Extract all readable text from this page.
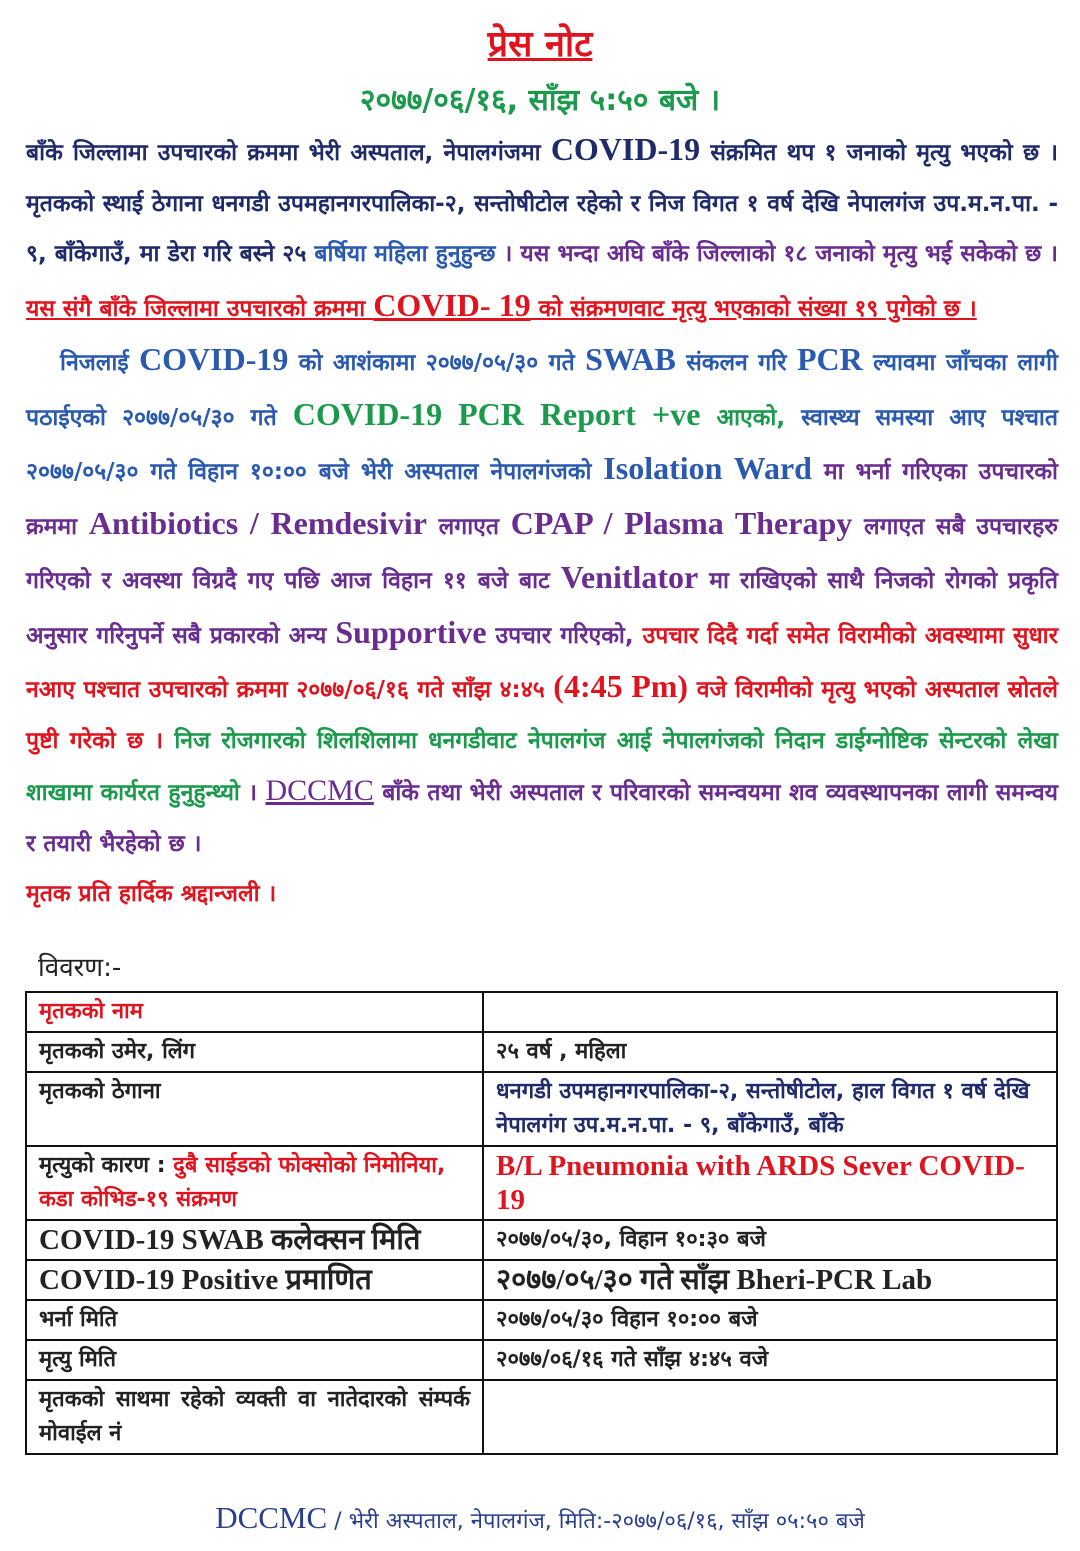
प्रेस नोट
२०७७/०६/१६, साँझ ५:५० बजे ।

बाँके जिल्लामा उपचारको क्रममा भेरी अस्पताल, नेपालगंजमा COVID-19 संक्रमित थप १ जनाको मृत्यु भएको छ । मृतकको स्थाई ठेगाना धनगडी उपमहानगरपालिका-२, सन्तोषीटोल रहेको र निज विगत १ वर्ष देखि नेपालगंज उप.म.न.पा. - ९, बाँकेगाउँ, मा डेरा गरि बस्ने २५ बर्षिया महिला हुनुहुन्छ । यस भन्दा अघि बाँके जिल्लाको १८ जनाको मृत्यु भई सकेको छ । यस संगै बाँके जिल्लामा उपचारको क्रममा COVID- 19 को संक्रमणवाट मृत्यु भएकाको संख्या १९ पुगेको छ ।

निजलाई COVID-19 को आशंकामा २०७७/०५/३० गते SWAB संकलन गरि PCR ल्यावमा जाँचका लागी पठाईएको २०७७/०५/३० गते COVID-19 PCR Report +ve आएको, स्वास्थ्य समस्या आए पश्चात २०७७/०५/३० गते विहान १०:०० बजे भेरी अस्पताल नेपालगंजको Isolation Ward मा भर्ना गरिएका उपचारको क्रममा Antibiotics / Remdesivir लगाएत CPAP / Plasma Therapy लगाएत सबै उपचारहरु गरिएको र अवस्था विग्रदै गए पछि आज विहान ११ बजे बाट Venitlator मा राखिएको साथै निजको रोगको प्रकृति अनुसार गरिनुपर्ने सबै प्रकारको अन्य Supportive उपचार गरिएको, उपचार दिदै गर्दा समेत विरामीको अवस्थामा सुधार नआए पश्चात उपचारको क्रममा २०७७/०६/१६ गते साँझ ४:४५ (4:45 Pm) वजे विरामीको मृत्यु भएको अस्पताल स्रोतले पुष्टी गरेको छ । निज रोजगारको शिलशिलामा धनगडीवाट नेपालगंज आई नेपालगंजको निदान डाईग्नोष्टिक सेन्टरको लेखा शाखामा कार्यरत हुनुहुन्थ्यो । DCCMC बाँके तथा भेरी अस्पताल र परिवारको समन्वयमा शव व्यवस्थापनका लागी समन्वय र तयारी भैरहेको छ ।

मृतक प्रति हार्दिक श्रद्दान्जली ।

विवरण:-
मृतकको नाम	
मृतकको उमेर, लिंग	२५ वर्ष , महिला
मृतकको ठेगाना	धनगडी उपमहानगरपालिका-२, सन्तोषीटोल, हाल विगत १ वर्ष देखि नेपालगंग उप.म.न.पा. - ९, बाँकेगाउँ, बाँके
मृत्युको कारण : दुबै साईडको फोक्सोको निमोनिया, कडा कोभिड-१९ संक्रमण	B/L Pneumonia with ARDS Sever COVID-19
COVID-19 SWAB कलेक्सन मिति	२०७७/०५/३०, विहान १०:३० बजे
COVID-19 Positive प्रमाणित	२०७७/०५/३० गते साँझ Bheri-PCR Lab
भर्ना मिति	२०७७/०५/३० विहान १०:०० बजे
मृत्यु मिति	२०७७/०६/१६ गते साँझ ४:४५ वजे
मृतकको साथमा रहेको व्यक्ती वा नातेदारको संम्पर्क मोवाईल नं	
DCCMC / भेरी अस्पताल, नेपालगंज, मिति:-२०७७/०६/१६, साँझ ०५:५० बजे
